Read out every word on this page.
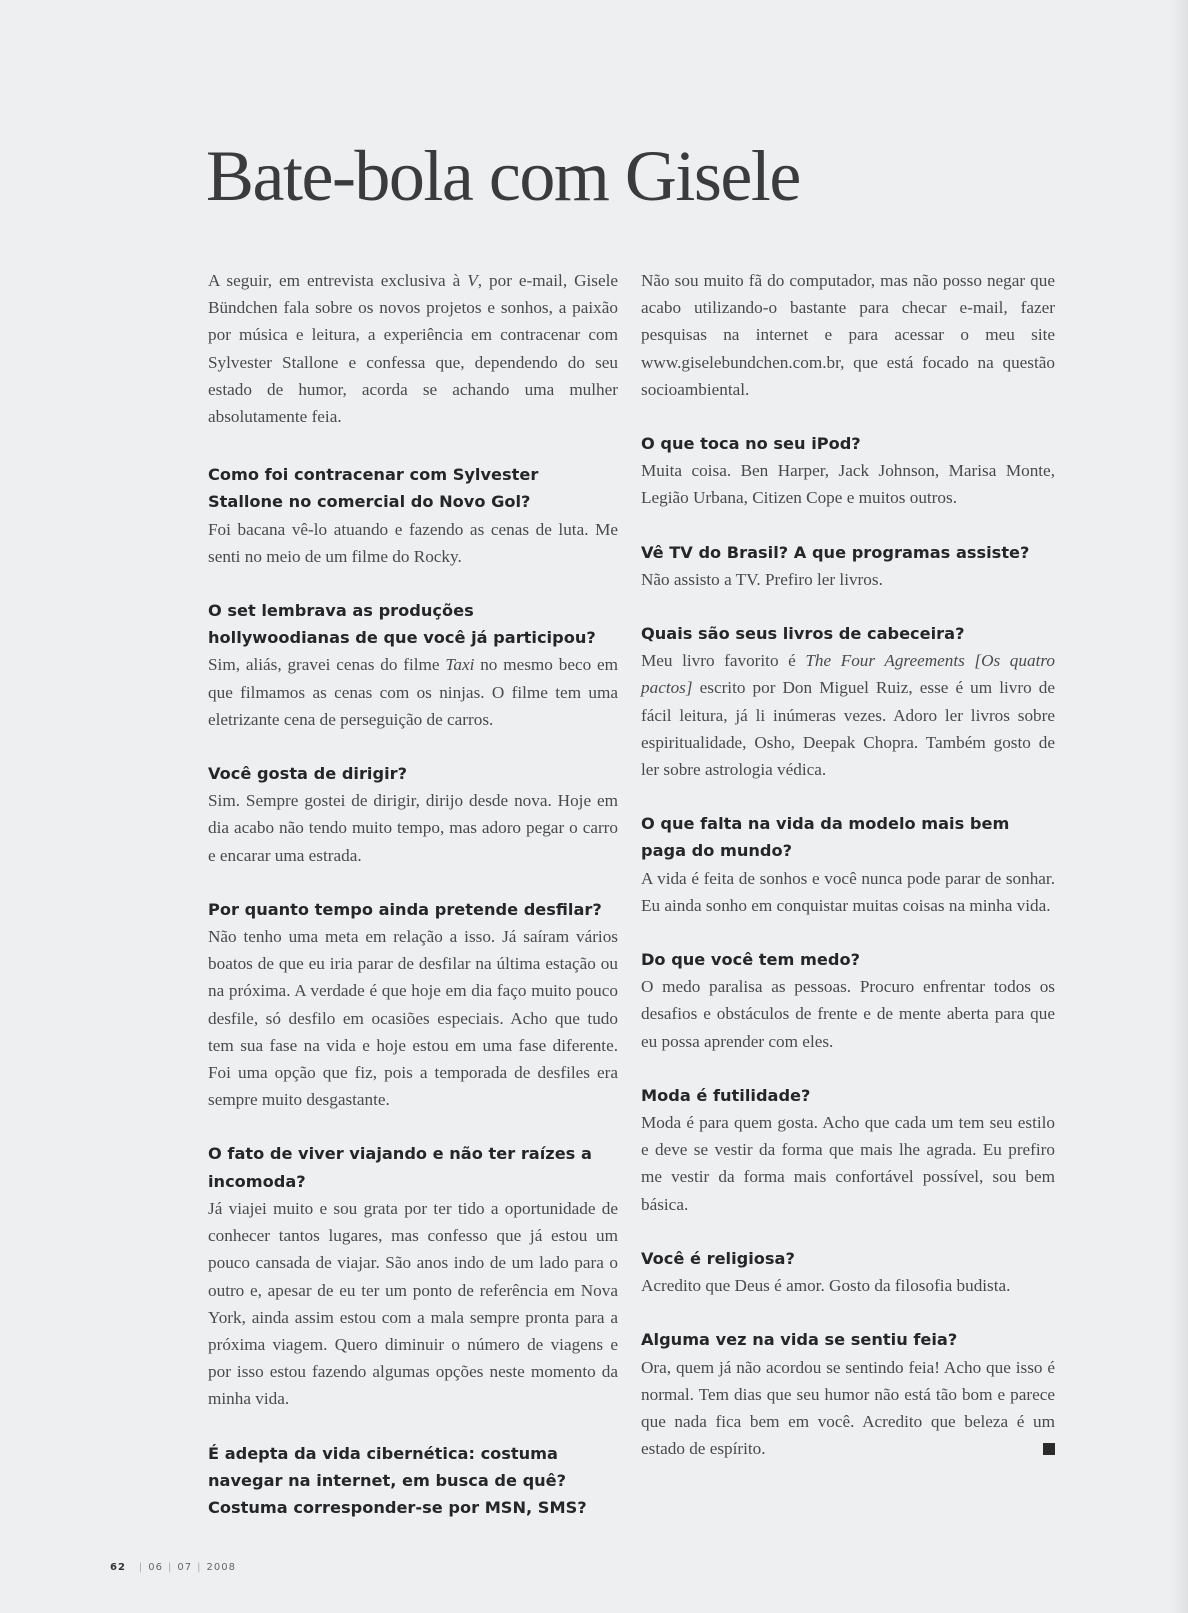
Bate-bola com Gisele

A seguir, em entrevista exclusiva à V, por e-mail, Gisele Bündchen fala sobre os novos projetos e sonhos, a paixão por música e leitura, a experiência em contracenar com Sylvester Stallone e confessa que, dependendo do seu estado de humor, acorda se achando uma mulher absolutamente feia.

Como foi contracenar com Sylvester Stallone no comercial do Novo Gol?

Foi bacana vê-lo atuando e fazendo as cenas de luta. Me senti no meio de um filme do Rocky.

O set lembrava as produções hollywoodianas de que você já participou?

Sim, aliás, gravei cenas do filme Taxi no mesmo beco em que filmamos as cenas com os ninjas. O filme tem uma eletrizante cena de perseguição de carros.

Você gosta de dirigir?

Sim. Sempre gostei de dirigir, dirijo desde nova. Hoje em dia acabo não tendo muito tempo, mas adoro pegar o carro e encarar uma estrada.

Por quanto tempo ainda pretende desfilar?

Não tenho uma meta em relação a isso. Já saíram vários boatos de que eu iria parar de desfilar na última estação ou na próxima. A verdade é que hoje em dia faço muito pouco desfile, só desfilo em ocasiões especiais. Acho que tudo tem sua fase na vida e hoje estou em uma fase diferente. Foi uma opção que fiz, pois a temporada de desfiles era sempre muito desgastante.

O fato de viver viajando e não ter raízes a incomoda?

Já viajei muito e sou grata por ter tido a oportunidade de conhecer tantos lugares, mas confesso que já estou um pouco cansada de viajar. São anos indo de um lado para o outro e, apesar de eu ter um ponto de referência em Nova York, ainda assim estou com a mala sempre pronta para a próxima viagem. Quero diminuir o número de viagens e por isso estou fazendo algumas opções neste momento da minha vida.

É adepta da vida cibernética: costuma navegar na internet, em busca de quê? Costuma corresponder-se por MSN, SMS?

Não sou muito fã do computador, mas não posso negar que acabo utilizando-o bastante para checar e-mail, fazer pesquisas na internet e para acessar o meu site www.giselebundchen.com.br, que está focado na questão socioambiental.

O que toca no seu iPod?

Muita coisa. Ben Harper, Jack Johnson, Marisa Monte, Legião Urbana, Citizen Cope e muitos outros.

Vê TV do Brasil? A que programas assiste?

Não assisto a TV. Prefiro ler livros.

Quais são seus livros de cabeceira?

Meu livro favorito é The Four Agreements [Os quatro pactos] escrito por Don Miguel Ruiz, esse é um livro de fácil leitura, já li inúmeras vezes. Adoro ler livros sobre espiritualidade, Osho, Deepak Chopra. Também gosto de ler sobre astrologia védica.

O que falta na vida da modelo mais bem paga do mundo?

A vida é feita de sonhos e você nunca pode parar de sonhar. Eu ainda sonho em conquistar muitas coisas na minha vida.

Do que você tem medo?

O medo paralisa as pessoas. Procuro enfrentar todos os desafios e obstáculos de frente e de mente aberta para que eu possa aprender com eles.

Moda é futilidade?

Moda é para quem gosta. Acho que cada um tem seu estilo e deve se vestir da forma que mais lhe agrada. Eu prefiro me vestir da forma mais confortável possível, sou bem básica.

Você é religiosa?

Acredito que Deus é amor. Gosto da filosofia budista.

Alguma vez na vida se sentiu feia?

Ora, quem já não acordou se sentindo feia! Acho que isso é normal. Tem dias que seu humor não está tão bom e parece que nada fica bem em você. Acredito que beleza é um estado de espírito.

62 | 06 | 07 | 2008
